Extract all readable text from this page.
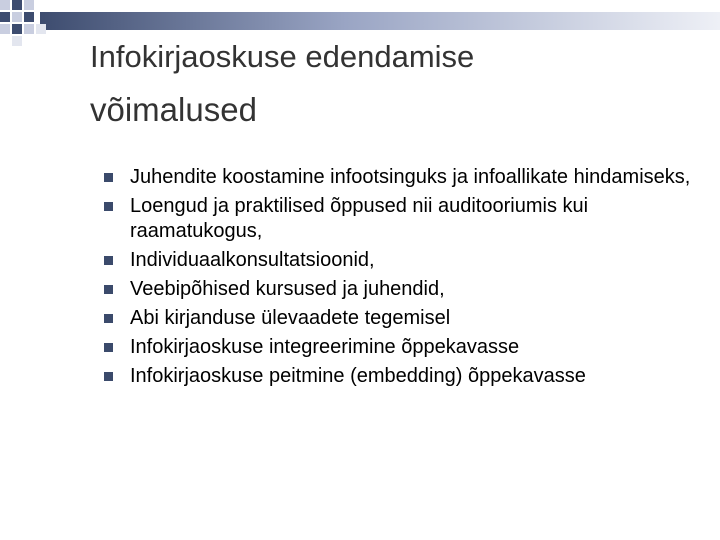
Infokirjaoskuse edendamise
võimalused
Juhendite koostamine infootsinguks ja infoallikate hindamiseks,
Loengud ja praktilised õppused nii auditooriumis kui raamatukogus,
Individuaalkonsultatsioonid,
Veebipõhised kursused ja juhendid,
Abi kirjanduse ülevaadete tegemisel
Infokirjaoskuse integreerimine õppekavasse
Infokirjaoskuse peitmine (embedding) õppekavasse
